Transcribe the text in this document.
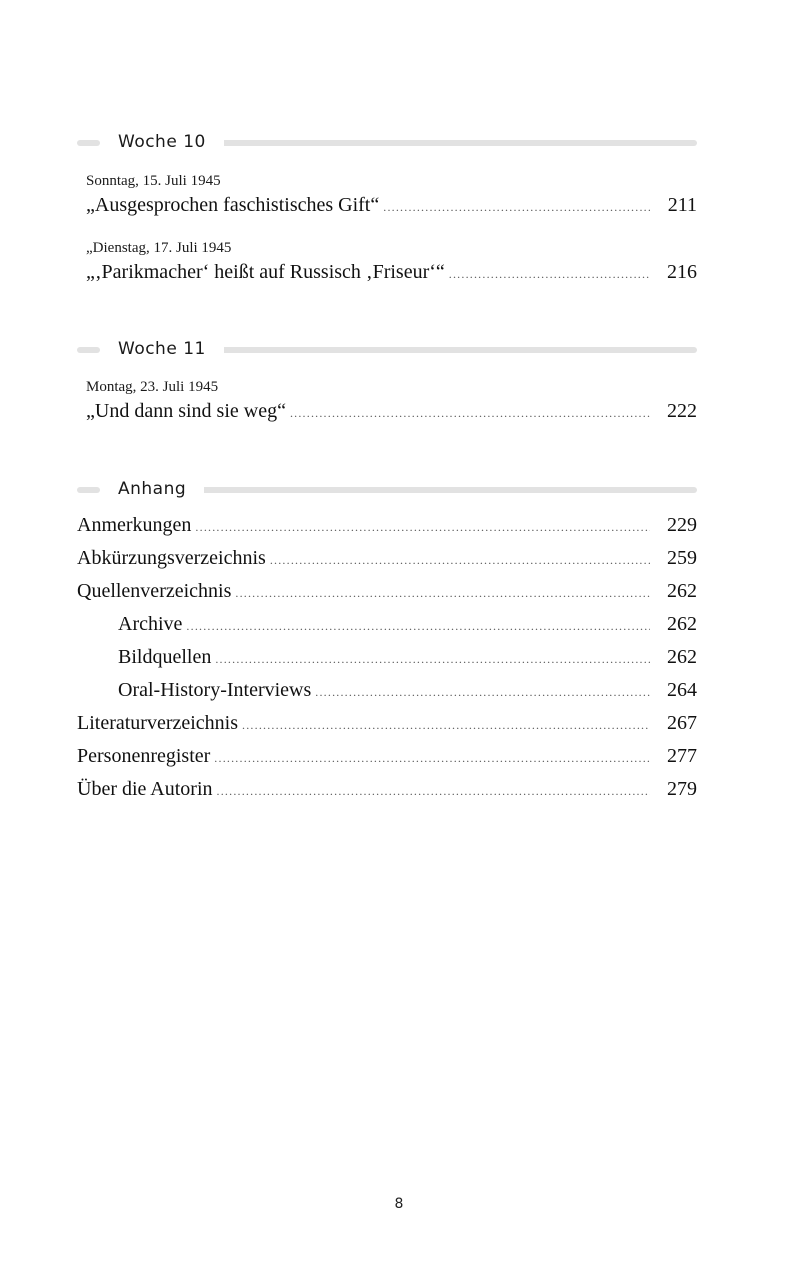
Woche 10
Sonntag, 15. Juli 1945
„Ausgesprochen faschistisches Gift“ .....	211
„Dienstag, 17. Juli 1945
„‚Parikmacher‘ heißt auf Russisch ‚Friseur‘“ .....	216
Woche 11
Montag, 23. Juli 1945
„Und dann sind sie weg“ .....	222
Anhang
Anmerkungen .....	229
Abkürzungsverzeichnis .....	259
Quellenverzeichnis .....	262
Archive .....	262
Bildquellen .....	262
Oral-History-Interviews .....	264
Literaturverzeichnis .....	267
Personenregister .....	277
Über die Autorin .....	279
8
